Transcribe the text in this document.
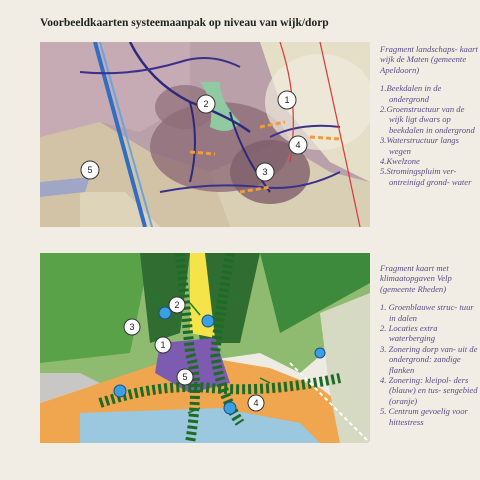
Voorbeeldkaarten systeemaanpak op niveau van wijk/dorp
1
2
3
4
5
Fragment landschaps- kaart wijk de Maten (gemeente Apeldoorn)
1.Beekdalen in de ondergrond
2.Groenstructuur van de wijk ligt dwars op beekdalen in ondergrond
3.Waterstructuur langs wegen
4.Kwelzone
5.Stromingspluim ver- ontreinigd grond- water
1
2
3
4
5
Fragment kaart met klimaatopgaven Velp (gemeente Rheden)
1. Groenblauwe struc- tuur in dalen
2. Locaties extra waterberging
3. Zonering dorp van- uit de ondergrond: zandige flanken
4. Zonering: kleipol- ders (blauw) en tus- sengebied (oranje)
5. Centrum gevoelig voor hittestress
